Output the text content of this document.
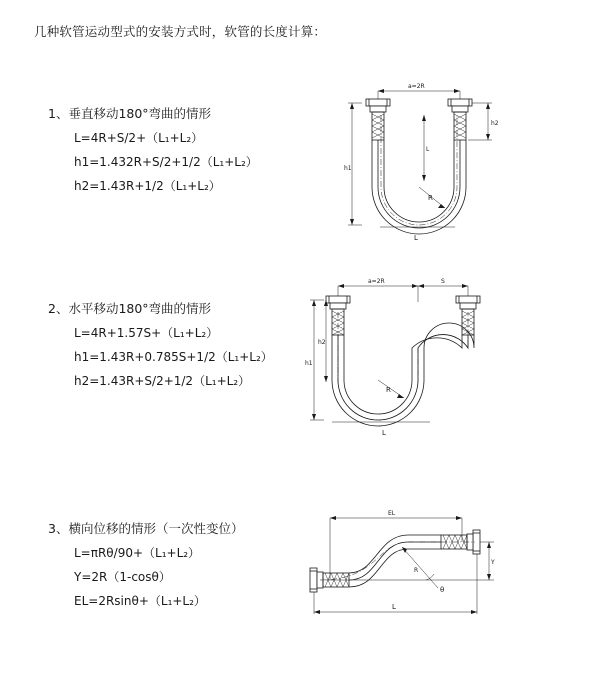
几种软管运动型式的安装方式时，软管的长度计算：
1、垂直移动180°弯曲的情形
L=4R+S/2+（L₁+L₂）
h1=1.432R+S/2+1/2（L₁+L₂）
h2=1.43R+1/2（L₁+L₂）
a=2R
R
h2
h1
L
L
2、水平移动180°弯曲的情形
L=4R+1.57S+（L₁+L₂）
h1=1.43R+0.785S+1/2（L₁+L₂）
h2=1.43R+S/2+1/2（L₁+L₂）
a=2R	S
R
h1
h2
L
3、横向位移的情形（一次性变位）
L=πRθ/90+（L₁+L₂）
Y=2R（1-cosθ）
EL=2Rsinθ+（L₁+L₂）
EL
θ
R
Y
L
